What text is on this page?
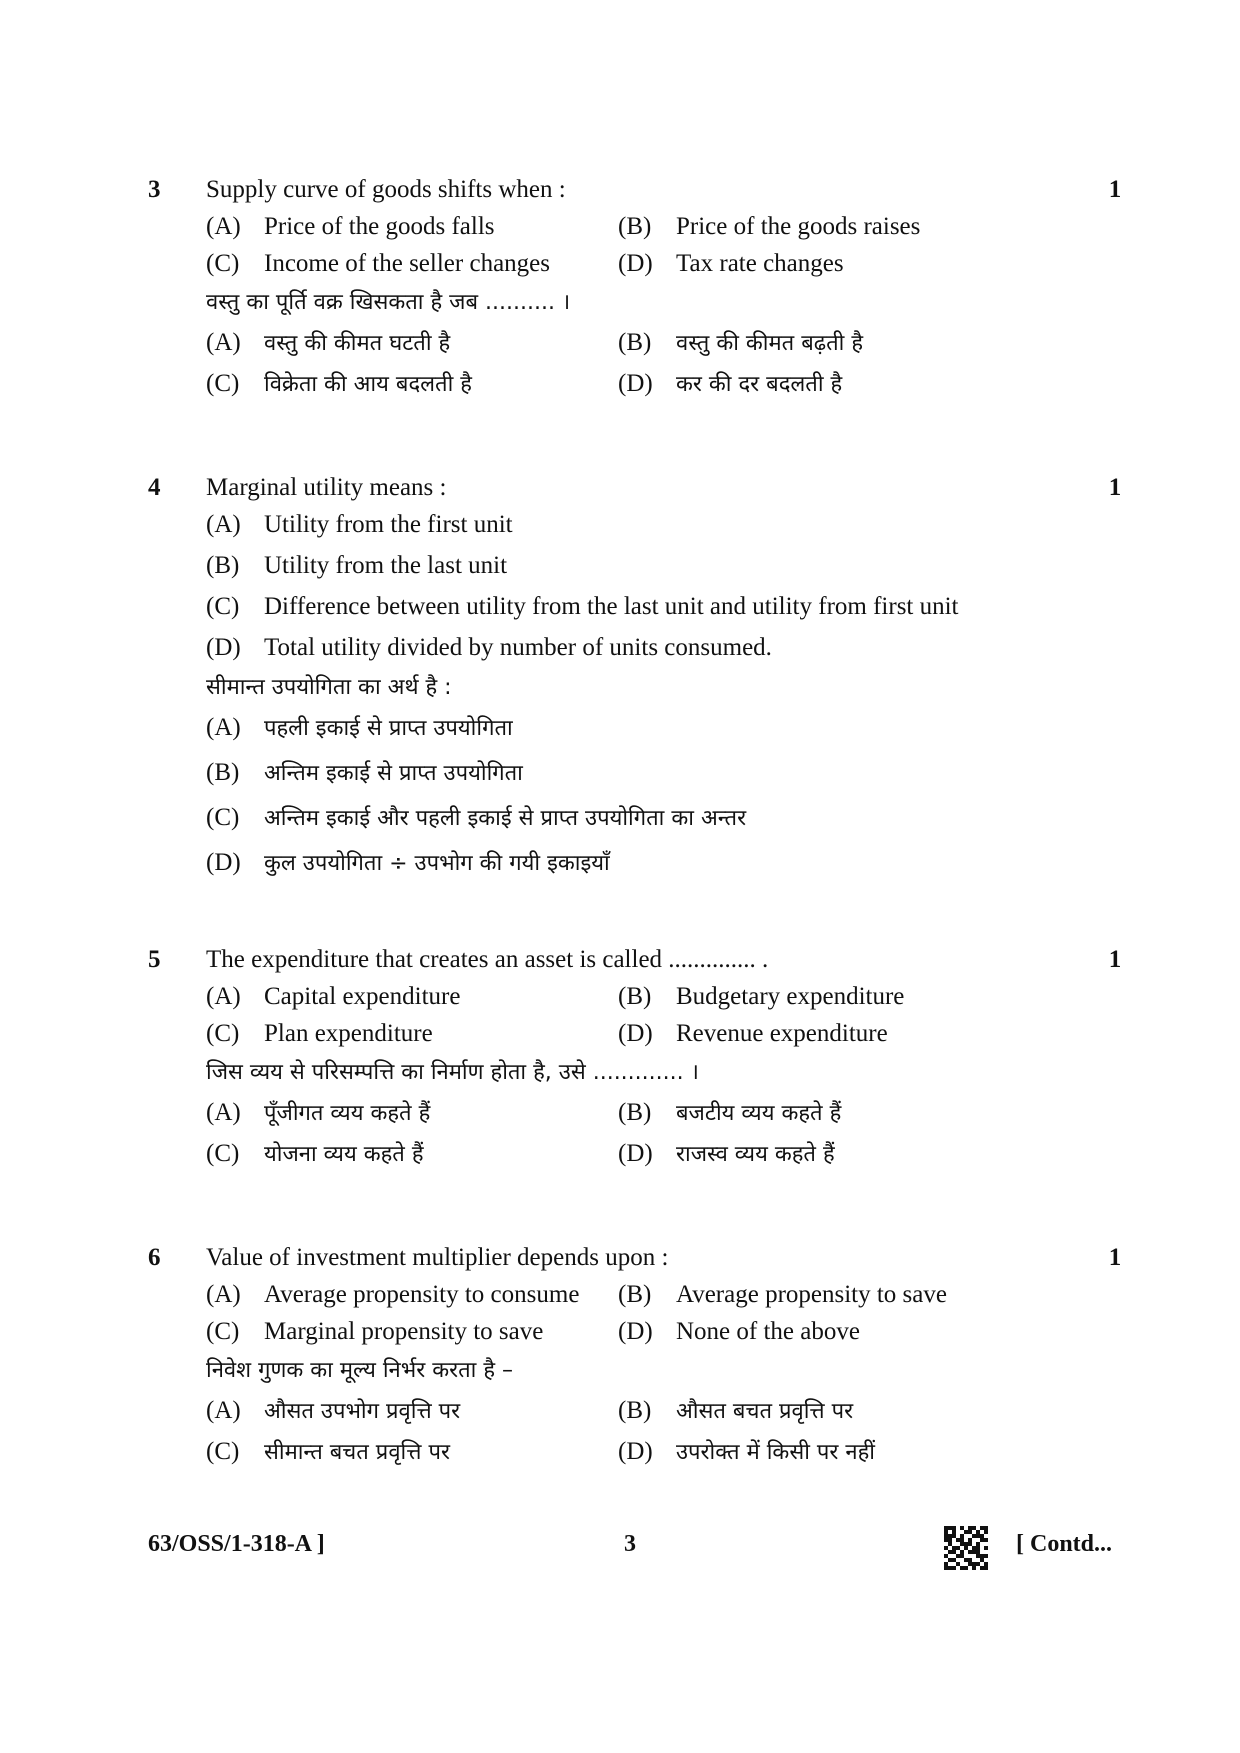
3 Supply curve of goods shifts when :	1
(A) Price of the goods falls	(B) Price of the goods raises
(C) Income of the seller changes	(D) Tax rate changes
वस्तु का पूर्ति वक्र खिसकता है जब .......... ।
(A) वस्तु की कीमत घटती है	(B) वस्तु की कीमत बढ़ती है
(C) विक्रेता की आय बदलती है	(D) कर की दर बदलती है
4 Marginal utility means :	1
(A) Utility from the first unit
(B) Utility from the last unit
(C) Difference between utility from the last unit and utility from first unit
(D) Total utility divided by number of units consumed.
सीमान्त उपयोगिता का अर्थ है :
(A) पहली इकाई से प्राप्त उपयोगिता
(B) अन्तिम इकाई से प्राप्त उपयोगिता
(C) अन्तिम इकाई और पहली इकाई से प्राप्त उपयोगिता का अन्तर
(D) कुल उपयोगिता ÷ उपभोग की गयी इकाइयाँ
5 The expenditure that creates an asset is called .............. .	1
(A) Capital expenditure	(B) Budgetary expenditure
(C) Plan expenditure	(D) Revenue expenditure
जिस व्यय से परिसम्पत्ति का निर्माण होता है, उसे ............. ।
(A) पूँजीगत व्यय कहते हैं	(B) बजटीय व्यय कहते हैं
(C) योजना व्यय कहते हैं	(D) राजस्व व्यय कहते हैं
6 Value of investment multiplier depends upon :	1
(A) Average propensity to consume (B) Average propensity to save
(C) Marginal propensity to save	(D) None of the above
निवेश गुणक का मूल्य निर्भर करता है –
(A) औसत उपभोग प्रवृत्ति पर	(B) औसत बचत प्रवृत्ति पर
(C) सीमान्त बचत प्रवृत्ति पर	(D) उपरोक्त में किसी पर नहीं
63/OSS/1-318-A ]	3	[ Contd...
